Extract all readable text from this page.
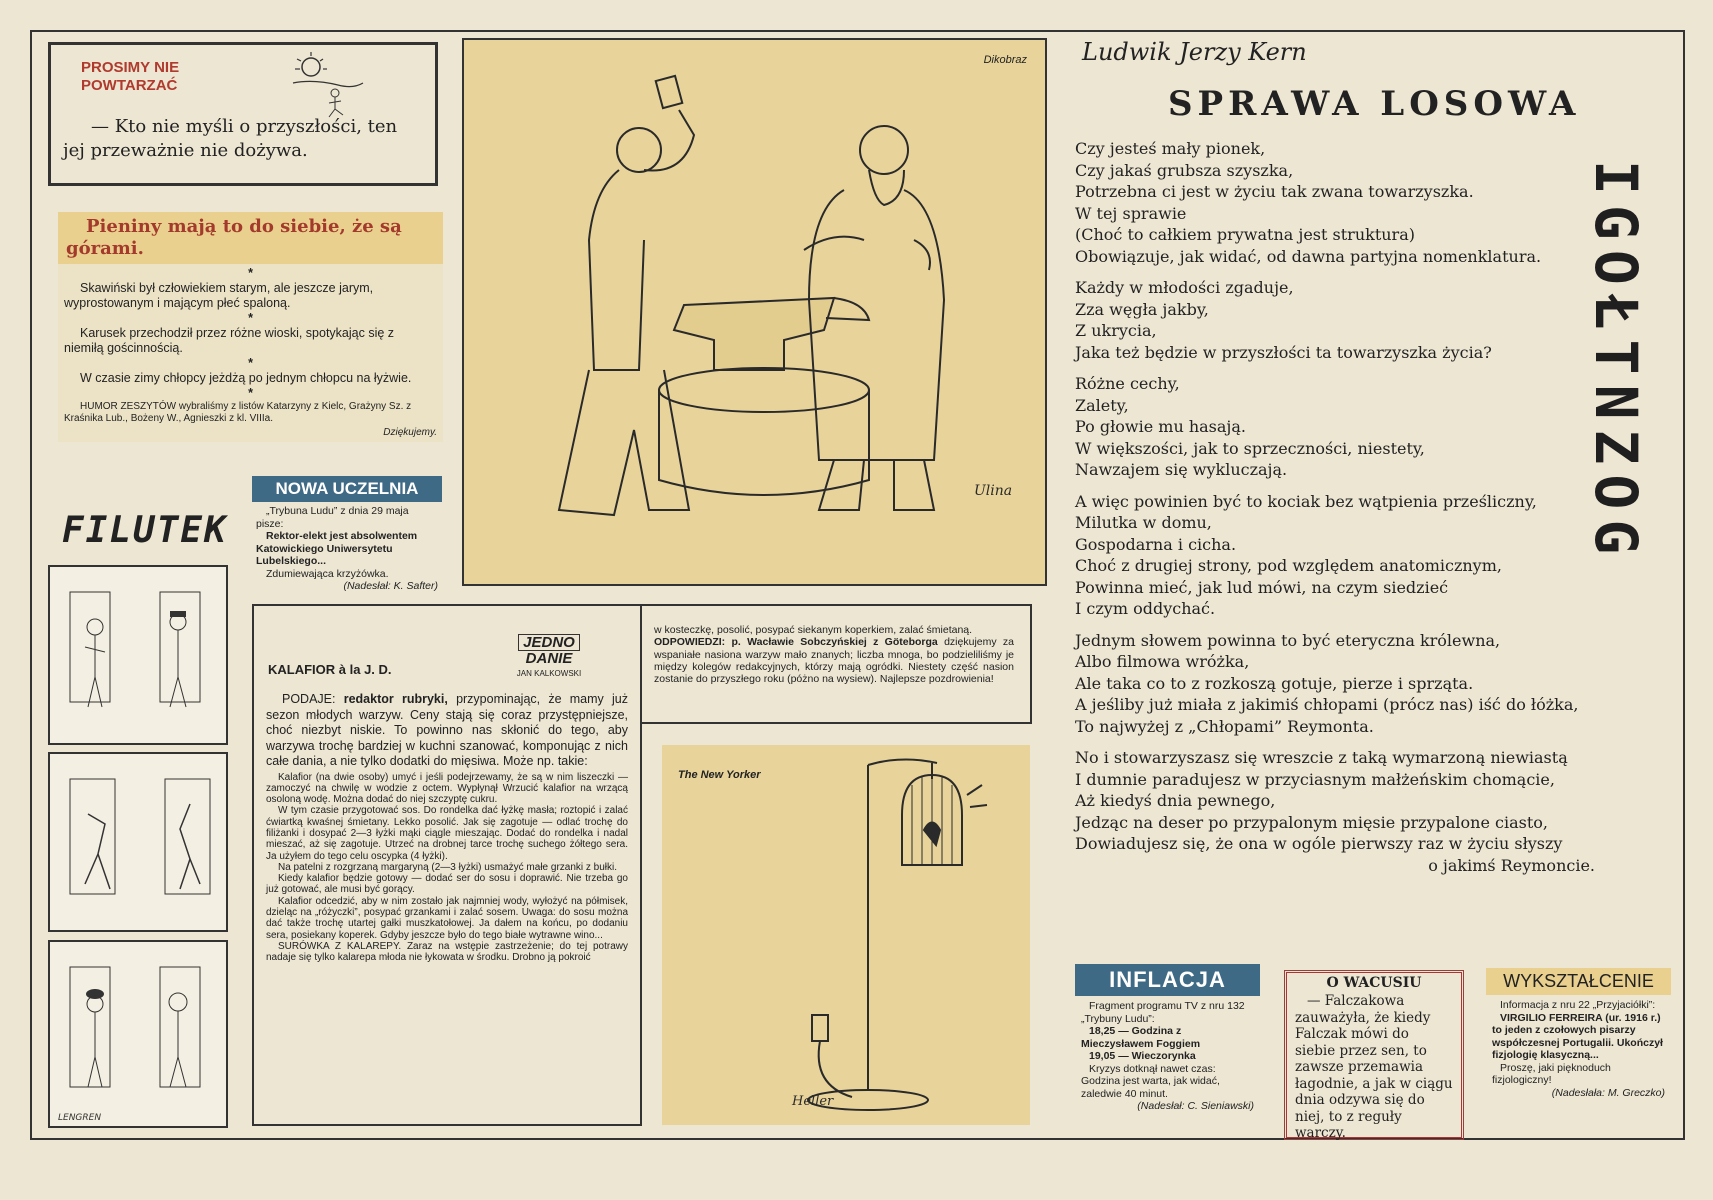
PROSIMY NIE
POWTARZAĆ

— Kto nie myśli o przyszłości, ten jej przeważnie nie dożywa.

Pieniny mają to do siebie, że są górami.
*

Skawiński był człowiekiem starym, ale jeszcze jarym, wyprostowanym i mającym płeć spaloną.

*

Karusek przechodził przez różne wioski, spotykając się z niemiłą gościnnością.

*

W czasie zimy chłopcy jeżdżą po jednym chłopcu na łyżwie.

*

HUMOR ZESZYTÓW wybraliśmy z listów Katarzyny z Kielc, Grażyny Sz. z Kraśnika Lub., Bożeny W., Agnieszki z kl. VIIIa.

Dziękujemy.
FILUTEK
NOWA UCZELNIA

„Trybuna Ludu” z dnia 29 maja pisze:

Rektor-elekt jest absolwentem Katowickiego Uniwersytetu Lubelskiego...

Zdumiewająca krzyżówka.

(Nadesłał: K. Safter)

LENGREN
Dikobraz
Ulina
KALAFIOR à la J. D.
JEDNO
DANIE
JAN KALKOWSKI

PODAJE: redaktor rubryki, przypominając, że mamy już sezon młodych warzyw. Ceny stają się coraz przystępniejsze, choć niezbyt niskie. To powinno nas skłonić do tego, aby warzywa trochę bardziej w kuchni szanować, komponując z nich całe dania, a nie tylko dodatki do mięsiwa. Może np. takie:

Kalafior (na dwie osoby) umyć i jeśli podejrzewamy, że są w nim liszeczki — zamoczyć na chwilę w wodzie z octem. Wypłynął Wrzucić kalafior na wrzącą osoloną wodę. Można dodać do niej szczyptę cukru.

W tym czasie przygotować sos. Do rondelka dać łyżkę masła; roztopić i zalać ćwiartką kwaśnej śmietany. Lekko posolić. Jak się zagotuje — odlać trochę do filiżanki i dosypać 2—3 łyżki mąki ciągle mieszając. Dodać do rondelka i nadal mieszać, aż się zagotuje. Utrzeć na drobnej tarce trochę suchego żółtego sera. Ja użyłem do tego celu oscypka (4 łyżki).

Na patelni z rozgrzaną margaryną (2—3 łyżki) usmażyć małe grzanki z bułki.

Kiedy kalafior będzie gotowy — dodać ser do sosu i doprawić. Nie trzeba go już gotować, ale musi być gorący.

Kalafior odcedzić, aby w nim zostało jak najmniej wody, wyłożyć na półmisek, dzieląc na „różyczki”, posypać grzankami i zalać sosem. Uwaga: do sosu można dać także trochę utartej gałki muszkatołowej. Ja dałem na końcu, po dodaniu sera, posiekany koperek. Gdyby jeszcze było do tego białe wytrawne wino...

SURÓWKA Z KALAREPY. Zaraz na wstępie zastrzeżenie; do tej potrawy nadaje się tylko kalarepa młoda nie łykowata w środku. Drobno ją pokroić

w kosteczkę, posolić, posypać siekanym koperkiem, zalać śmietaną.

ODPOWIEDZI: p. Wacławie Sobczyńskiej z Göteborga dziękujemy za wspaniałe nasiona warzyw mało znanych; liczba mnoga, bo podzieliliśmy je między kolegów redakcyjnych, którzy mają ogródki. Niestety część nasion zostanie do przyszłego roku (póżno na wysiew). Najlepsze pozdrowienia!

The New Yorker
Heller
Ludwik Jerzy Kern
SPRAWA LOSOWA
Czy jesteś mały pionek,
Czy jakaś grubsza szyszka,
Potrzebna ci jest w życiu tak zwana towarzyszka.
W tej sprawie
(Choć to całkiem prywatna jest struktura)
Obowiązuje, jak widać, od dawna partyjna nomenklatura.
Każdy w młodości zgaduje,
Zza węgła jakby,
Z ukrycia,
Jaka też będzie w przyszłości ta towarzyszka życia?
Różne cechy,
Zalety,
Po głowie mu hasają.
W większości, jak to sprzeczności, niestety,
Nawzajem się wykluczają.
A więc powinien być to kociak bez wątpienia prześliczny,
Milutka w domu,
Gospodarna i cicha.
Choć z drugiej strony, pod względem anatomicznym,
Powinna mieć, jak lud mówi, na czym siedzieć
I czym oddychać.
Jednym słowem powinna to być eteryczna królewna,
Albo filmowa wróżka,
Ale taka co to z rozkoszą gotuje, pierze i sprząta.
A jeśliby już miała z jakimiś chłopami (prócz nas) iść do łóżka,
To najwyżej z „Chłopami” Reymonta.
No i stowarzyszasz się wreszcie z taką wymarzoną niewiastą
I dumnie paradujesz w przyciasnym małżeńskim chomącie,
Aż kiedyś dnia pewnego,
Jedząc na deser po przypalonym mięsie przypalone ciasto,
Dowiadujesz się, że ona w ogóle pierwszy raz w życiu słyszy
o jakimś Reymoncie.
IGOŁTNZOG
INFLACJA

Fragment programu TV z nru 132 „Trybuny Ludu”:

18,25 — Godzina z Mieczysławem Foggiem

19,05 — Wieczorynka

Kryzys dotknął nawet czas: Godzina jest warta, jak widać, zaledwie 40 minut.

(Nadesłał: C. Sieniawski)

O WACUSIU

— Falczakowa zauważyła, że kiedy Falczak mówi do siebie przez sen, to zawsze przemawia łagodnie, a jak w ciągu dnia odzywa się do niej, to z reguły warczy.

WYKSZTAŁCENIE

Informacja z nru 22 „Przyjaciółki”:

VIRGILIO FERREIRA (ur. 1916 r.) to jeden z czołowych pisarzy współczesnej Portugalii. Ukończył fizjologię klasyczną...

Proszę, jaki pięknoduch fizjologiczny!

(Nadesłała: M. Greczko)
